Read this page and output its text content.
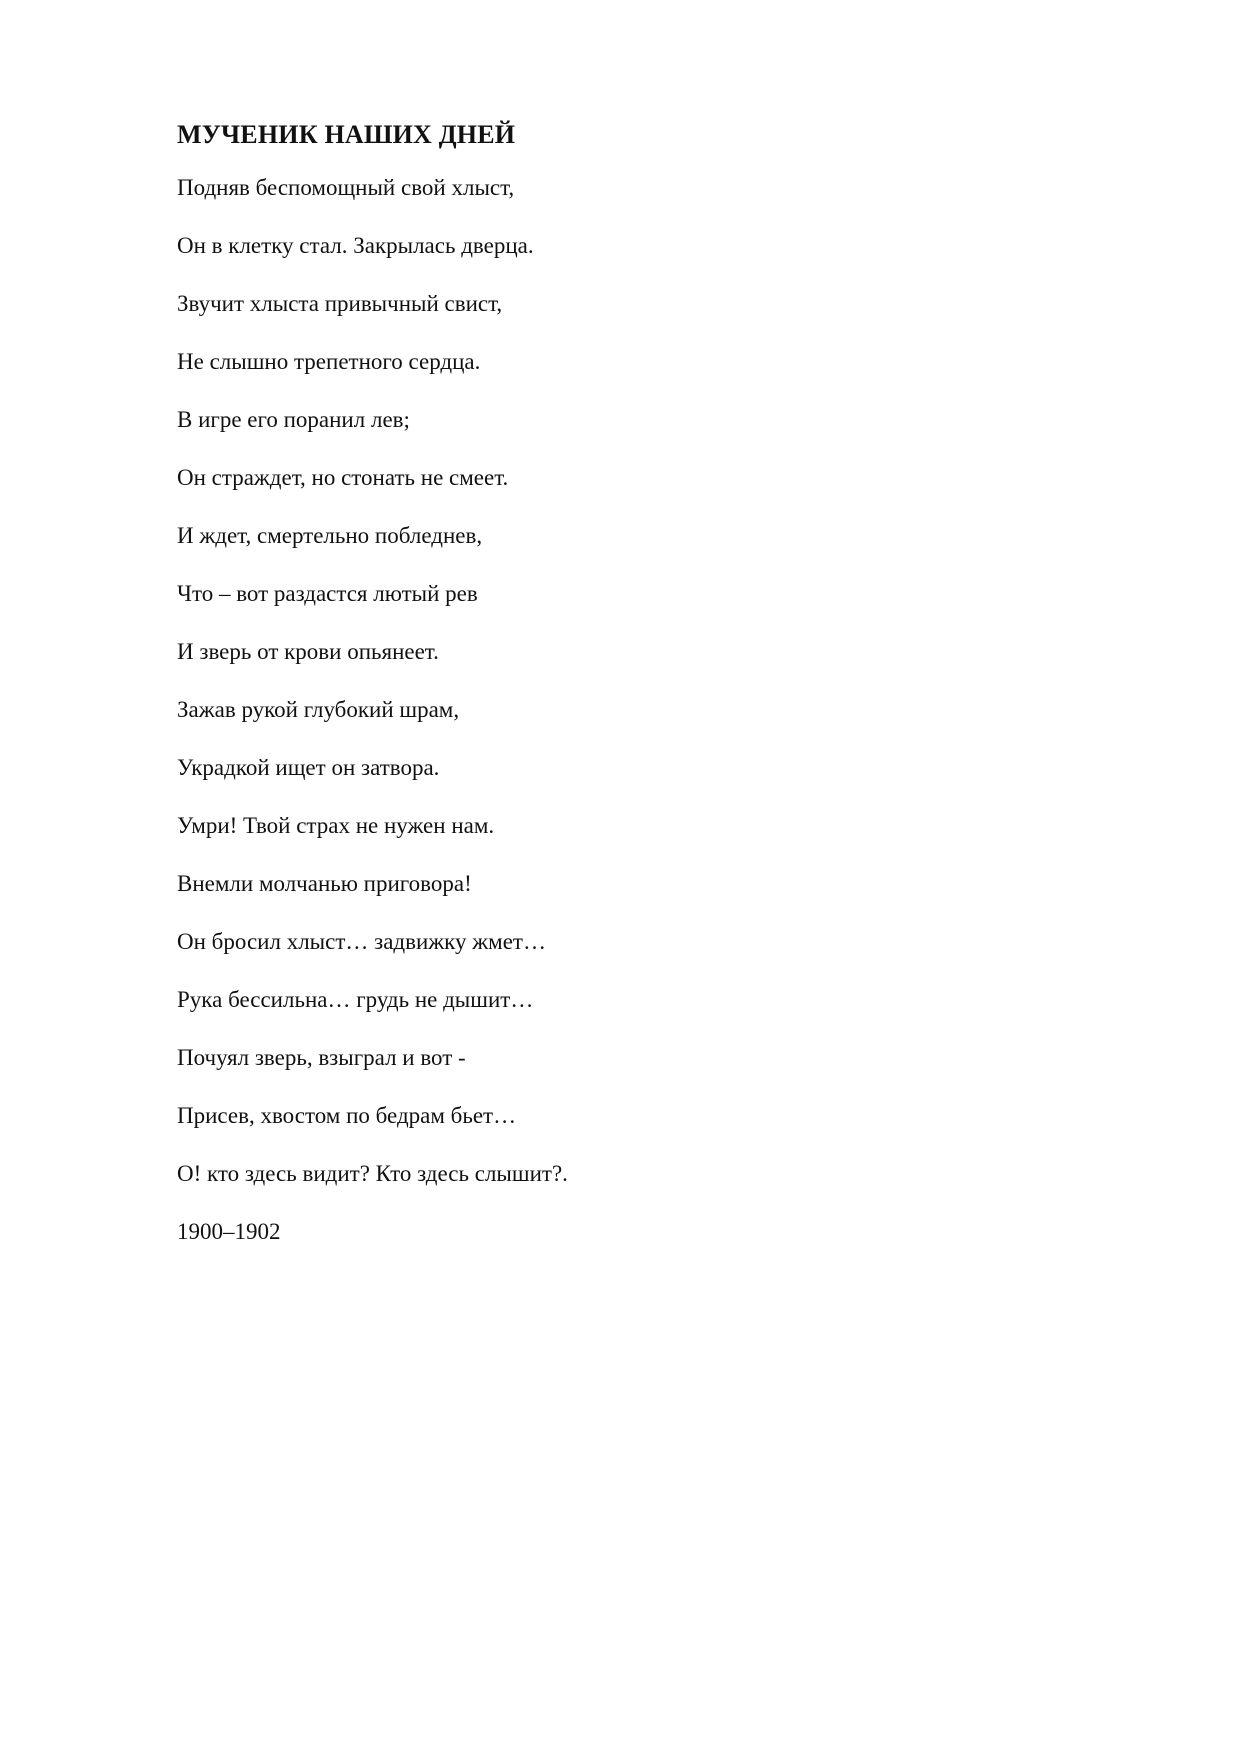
МУЧЕНИК НАШИХ ДНЕЙ
Подняв беспомощный свой хлыст,
Он в клетку стал. Закрылась дверца.
Звучит хлыста привычный свист,
Не слышно трепетного сердца.
В игре его поранил лев;
Он страждет, но стонать не смеет.
И ждет, смертельно побледнев,
Что – вот раздастся лютый рев
И зверь от крови опьянеет.
Зажав рукой глубокий шрам,
Украдкой ищет он затвора.
Умри! Твой страх не нужен нам.
Внемли молчанью приговора!
Он бросил хлыст… задвижку жмет…
Рука бессильна… грудь не дышит…
Почуял зверь, взыграл и вот -
Присев, хвостом по бедрам бьет…
О! кто здесь видит? Кто здесь слышит?.

1900–1902
